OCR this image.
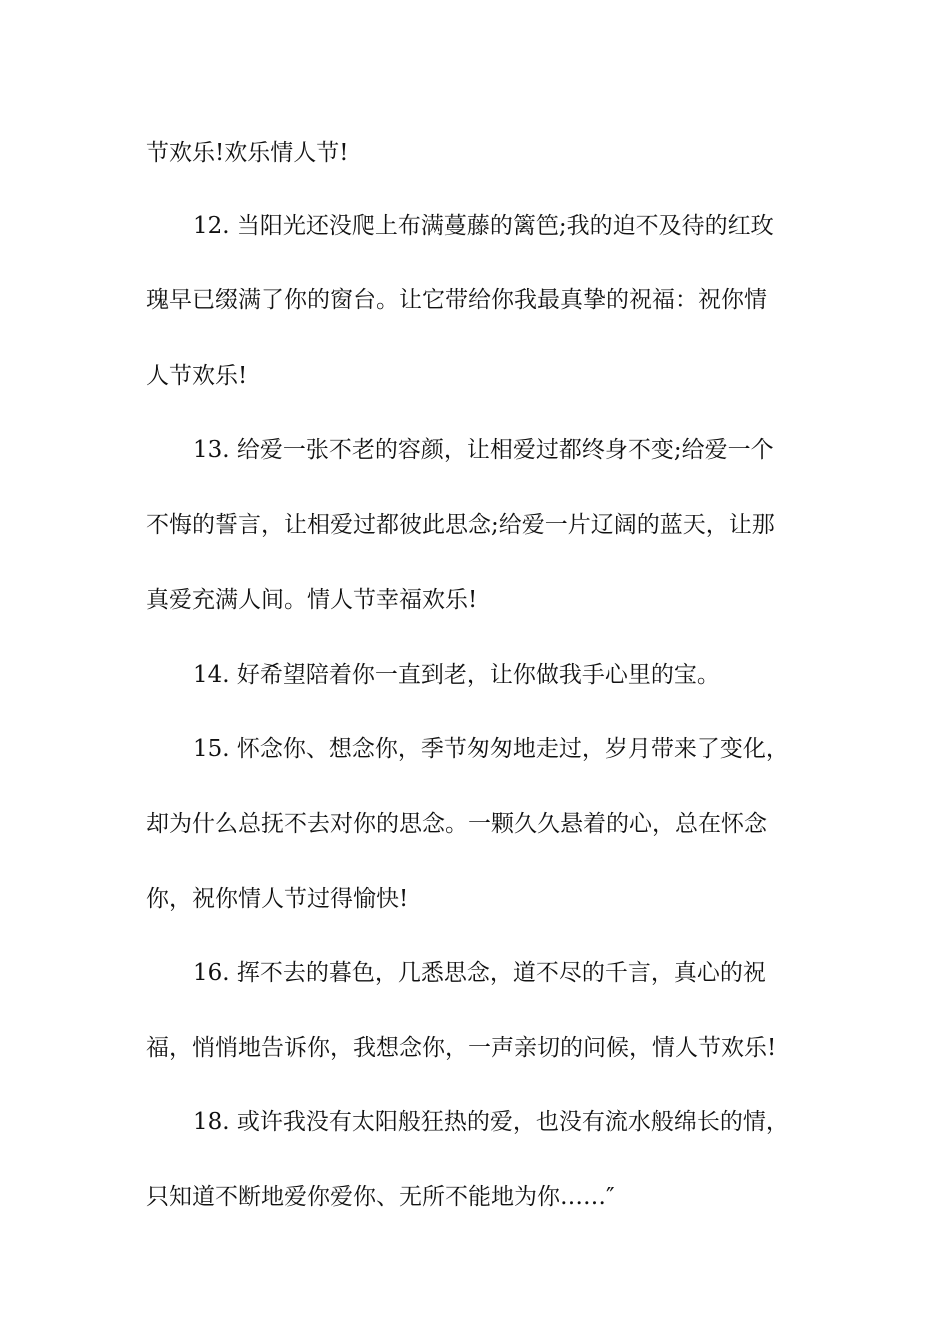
节欢乐!欢乐情人节!
12. 当阳光还没爬上布满蔓藤的篱笆;我的迫不及待的红玫
瑰早已缀满了你的窗台。让它带给你我最真挚的祝福：祝你情
人节欢乐!
13. 给爱一张不老的容颜，让相爱过都终身不变;给爱一个
不悔的誓言，让相爱过都彼此思念;给爱一片辽阔的蓝天，让那
真爱充满人间。情人节幸福欢乐!
14. 好希望陪着你一直到老，让你做我手心里的宝。
15. 怀念你、想念你，季节匆匆地走过，岁月带来了变化，
却为什么总抚不去对你的思念。一颗久久悬着的心，总在怀念
你，祝你情人节过得愉快!
16. 挥不去的暮色，几悉思念，道不尽的千言，真心的祝
福，悄悄地告诉你，我想念你，一声亲切的问候，情人节欢乐!
18. 或许我没有太阳般狂热的爱，也没有流水般绵长的情，
只知道不断地爱你爱你、无所不能地为你……″
